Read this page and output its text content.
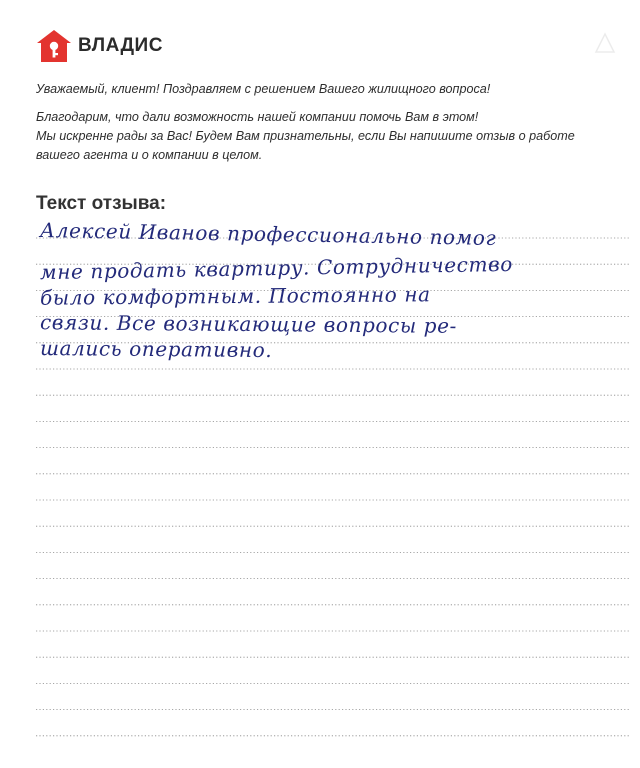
ВЛАДИС
Уважаемый, клиент! Поздравляем с решением Вашего жилищного вопроса!
Благодарим, что дали возможность нашей компании помочь Вам в этом!
Мы искренне рады за Вас! Будем Вам признательны, если Вы напишите отзыв о работе
вашего агента и о компании в целом.
Текст отзыва:
Алексей Иванов профессионально помог
мне продать квартиру. Сотрудничество
было комфортным. Постоянно на
связи. Все возникающие вопросы ре-
шались оперативно.
